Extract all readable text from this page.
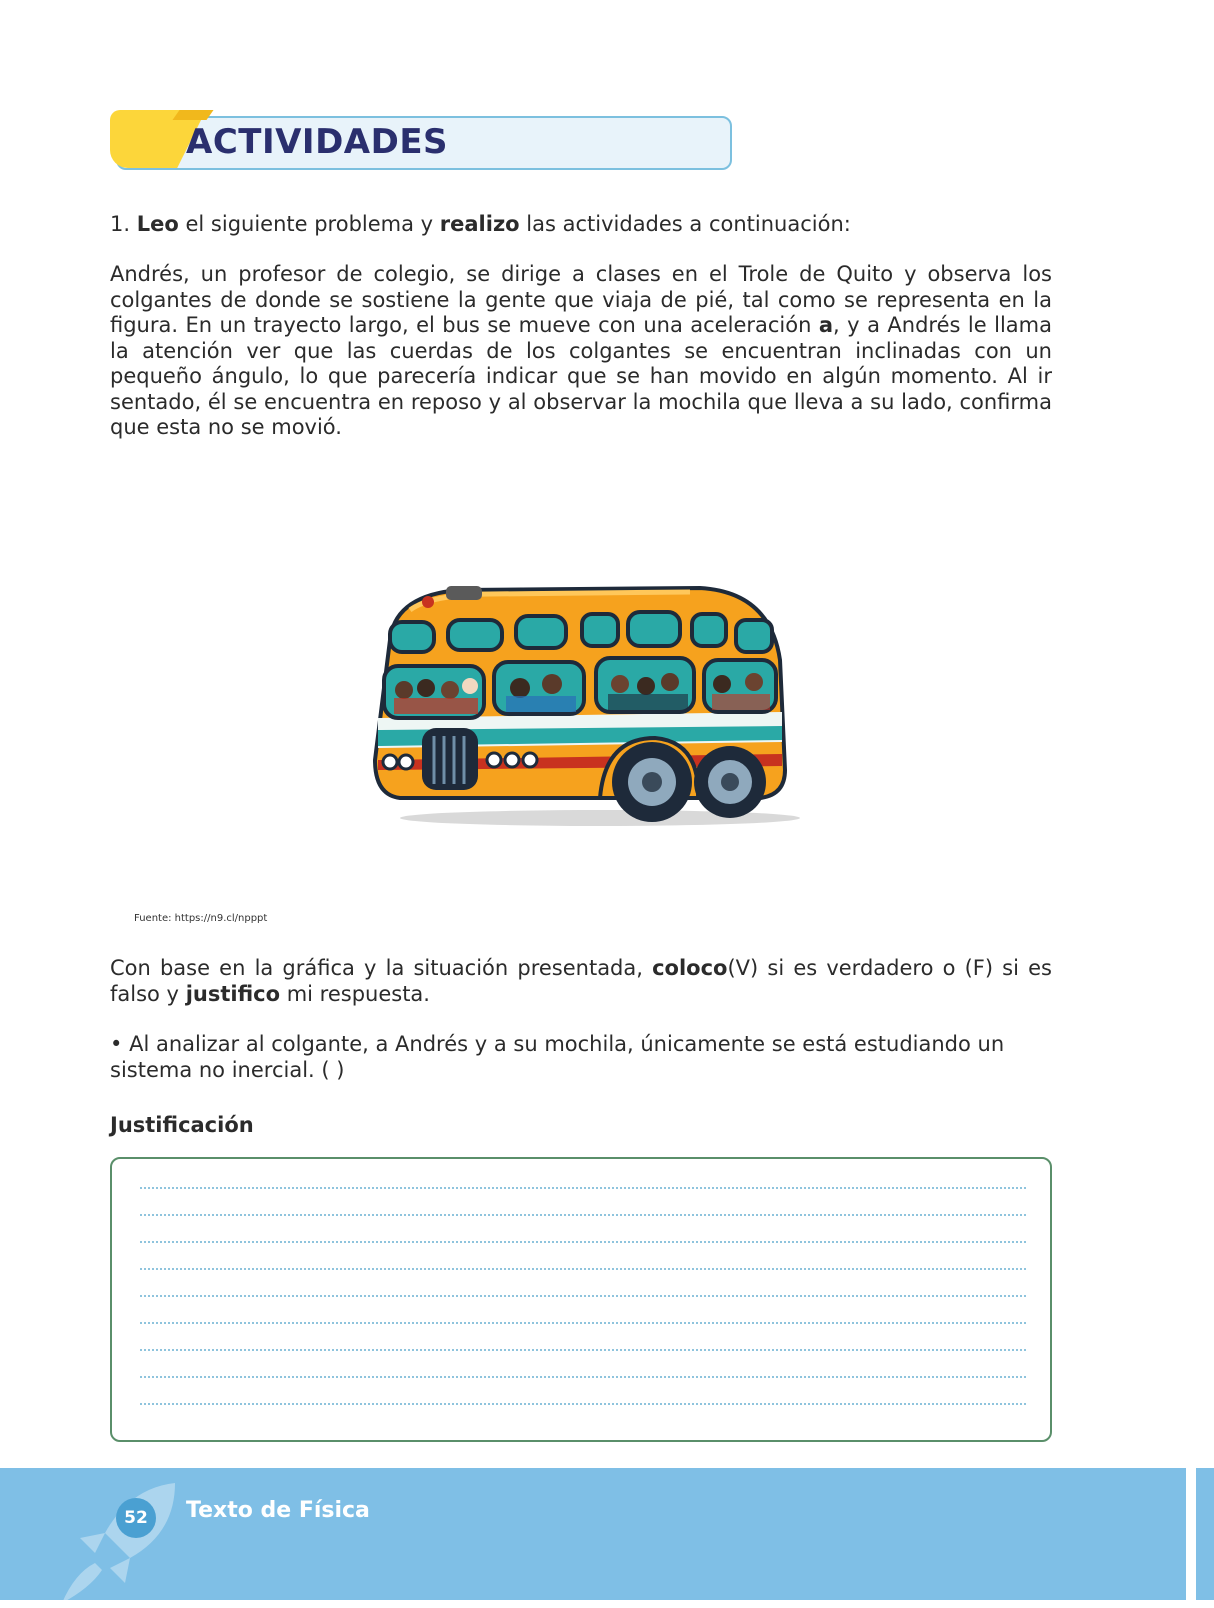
ACTIVIDADES

1. Leo el siguiente problema y realizo las actividades a continuación:

Andrés, un profesor de colegio, se dirige a clases en el Trole de Quito y observa los colgantes de donde se sostiene la gente que viaja de pié, tal como se representa en la figura. En un trayecto largo, el bus se mueve con una aceleración a, y a Andrés le llama la atención ver que las cuerdas de los colgantes se encuentran inclinadas con un pequeño ángulo, lo que parecería indicar que se han movido en algún momento. Al ir sentado, él se encuentra en reposo y al observar la mochila que lleva a su lado, confirma que esta no se movió.

Fuente: https://n9.cl/npppt

Con base en la gráfica y la situación presentada, coloco(V) si es verdadero o (F) si es falso y justifico mi respuesta.

• Al analizar al colgante, a Andrés y a su mochila, únicamente se está estudiando un sistema no inercial. ( )

Justificación
52	Texto de Física
